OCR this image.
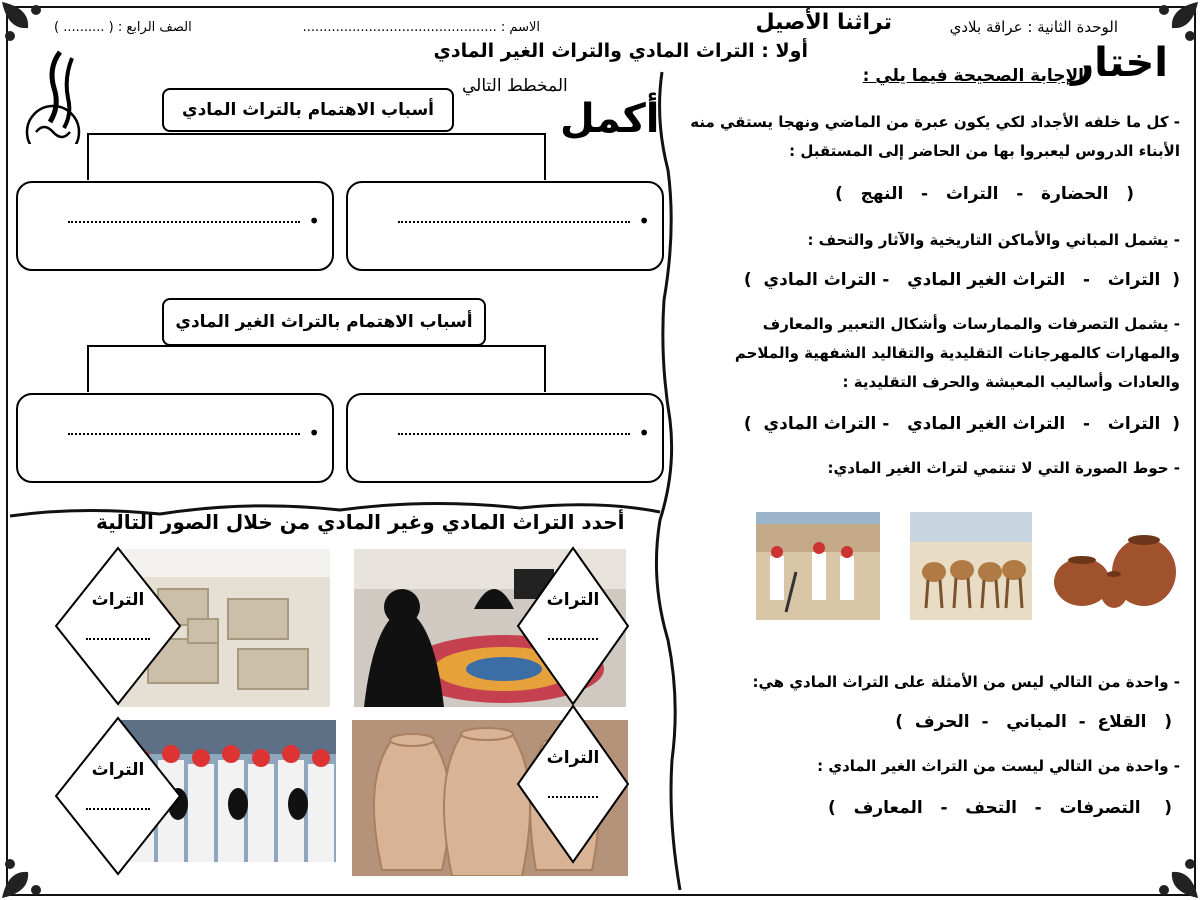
الوحدة الثانية : عراقة بلادي
تراثنا الأصيل
أولا : التراث المادي والتراث الغير المادي
الاسم : ...............................................
الصف الرابع : ( .......... )
أكمل
المخطط التالي
أسباب الاهتمام بالتراث المادي
•	•
أسباب الاهتمام بالتراث الغير المادي
•	•
أحدد التراث المادي وغير المادي من خلال الصور التالية
التراث	التراث
التراث
التراث
اختار
الإجابة الصحيحة فيما يلي :
- كل ما خلفه الأجداد لكي يكون عبرة من الماضي ونهجا يستقي منه الأبناء الدروس ليعبروا بها من الحاضر إلى المستقبل :
(   الحضارة   -   التراث   -   النهج   )
- يشمل المباني والأماكن التاريخية والآثار والتحف :
(  التراث   -   التراث الغير المادي   - التراث المادي  )
- يشمل التصرفات والممارسات وأشكال التعبير والمعارف والمهارات كالمهرجانات التقليدية والتقاليد الشفهية والملاحم والعادات وأساليب المعيشة والحرف التقليدية :
(  التراث   -   التراث الغير المادي   - التراث المادي  )
- حوط الصورة التي لا تنتمي لتراث الغير المادي:
- واحدة من التالي ليس من الأمثلة على التراث المادي هي:
(   القلاع  -  المباني   -  الحرف  )
- واحدة من التالي ليست من التراث الغير المادي :
(    التصرفات   -   التحف   -   المعارف   )
